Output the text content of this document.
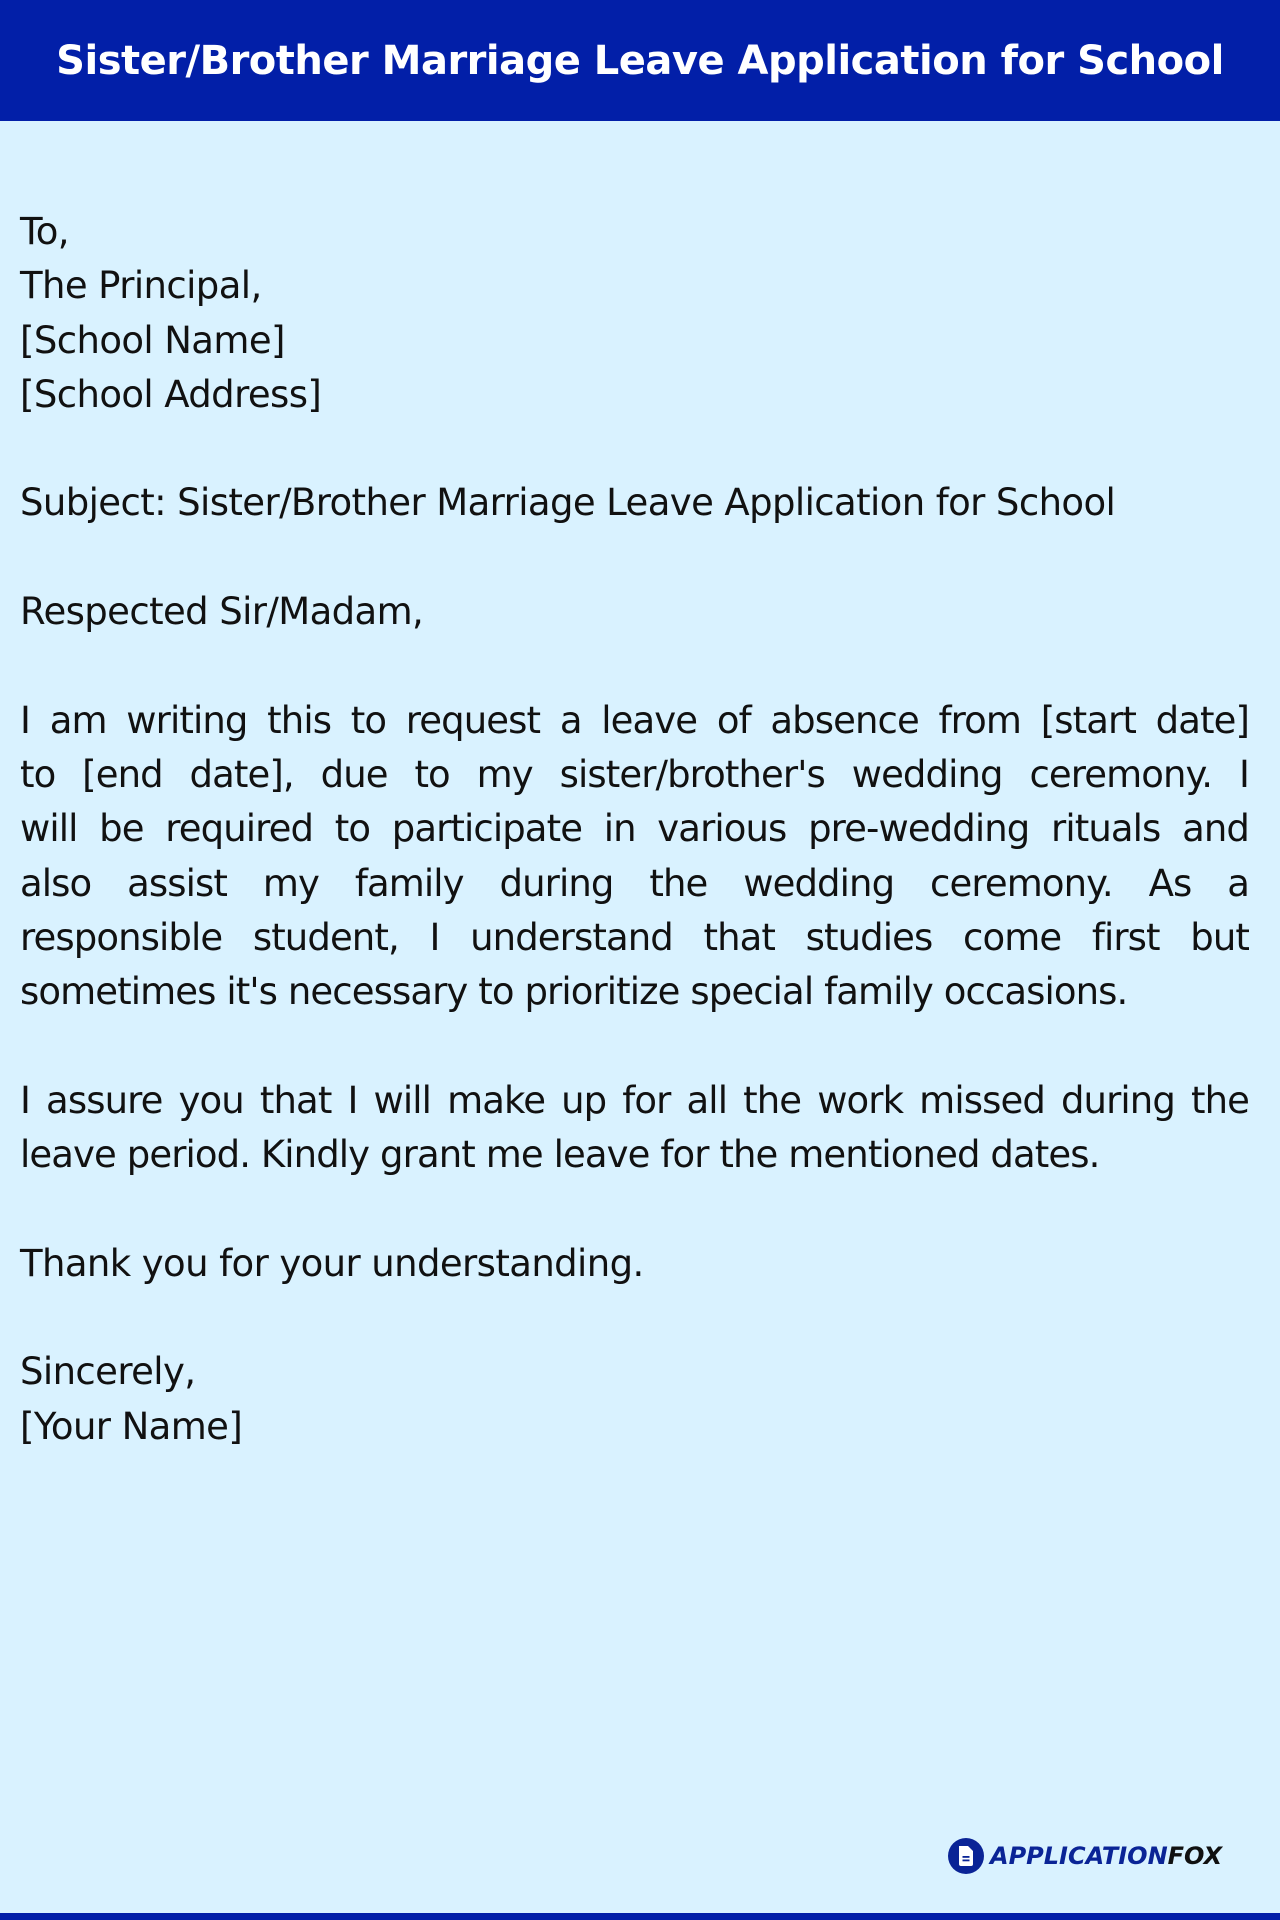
Sister/Brother Marriage Leave Application for School
To,
The Principal,
[School Name]
[School Address]
Subject: Sister/Brother Marriage Leave Application for School
Respected Sir/Madam,
I am writing this to request a leave of absence from [start date]
to [end date], due to my sister/brother's wedding ceremony. I
will be required to participate in various pre-wedding rituals and
also assist my family during the wedding ceremony. As a
responsible student, I understand that studies come first but
sometimes it's necessary to prioritize special family occasions.
I assure you that I will make up for all the work missed during the
leave period. Kindly grant me leave for the mentioned dates.
Thank you for your understanding.
Sincerely,
[Your Name]
APPLICATIONFOX
